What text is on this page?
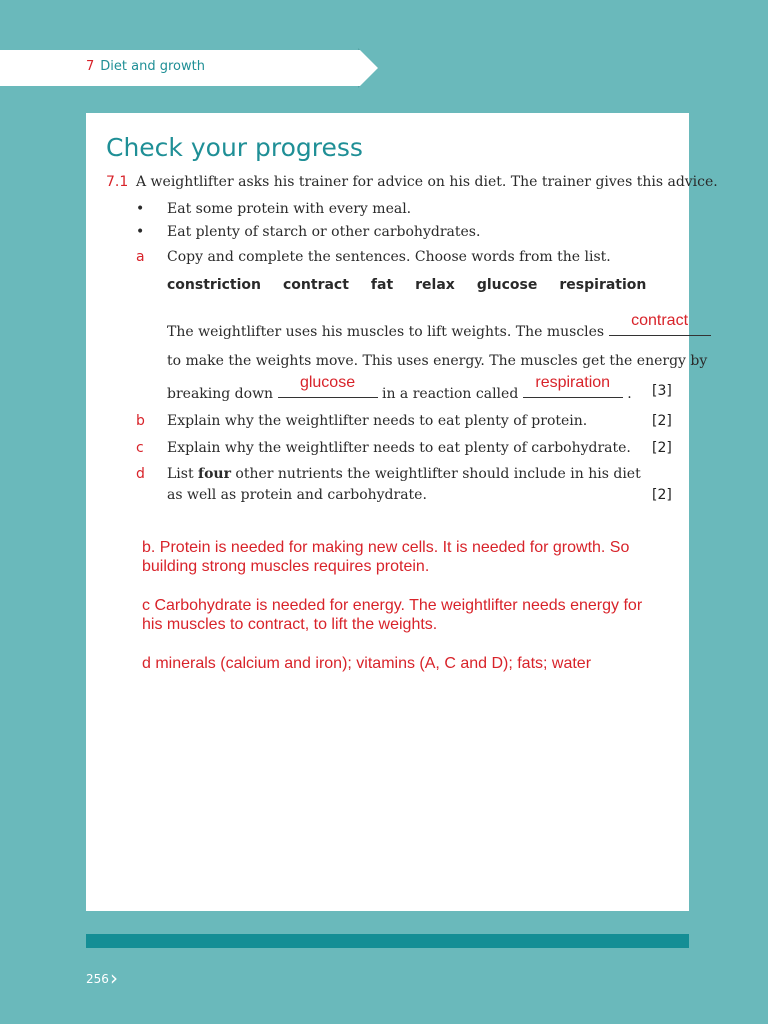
7 Diet and growth
Check your progress
7.1 A weightlifter asks his trainer for advice on his diet. The trainer gives this advice.
• Eat some protein with every meal.
• Eat plenty of starch or other carbohydrates.
a Copy and complete the sentences. Choose words from the list.
constriction contract fat relax glucose respiration
The weightlifter uses his muscles to lift weights. The muscles
contract
to make the weights move. This uses energy. The muscles get the energy by
breaking down
glucose
in a reaction called
respiration
. [3]
b Explain why the weightlifter needs to eat plenty of protein.	[2]
c Explain why the weightlifter needs to eat plenty of carbohydrate. [2]
d List four other nutrients the weightlifter should include in his diet
as well as protein and carbohydrate.	[2]
b. Protein is needed for making new cells. It is needed for growth. So building strong muscles requires protein.
c Carbohydrate is needed for energy. The weightlifter needs energy for his muscles to contract, to lift the weights.
d minerals (calcium and iron); vitamins (A, C and D); fats; water
256 ›
